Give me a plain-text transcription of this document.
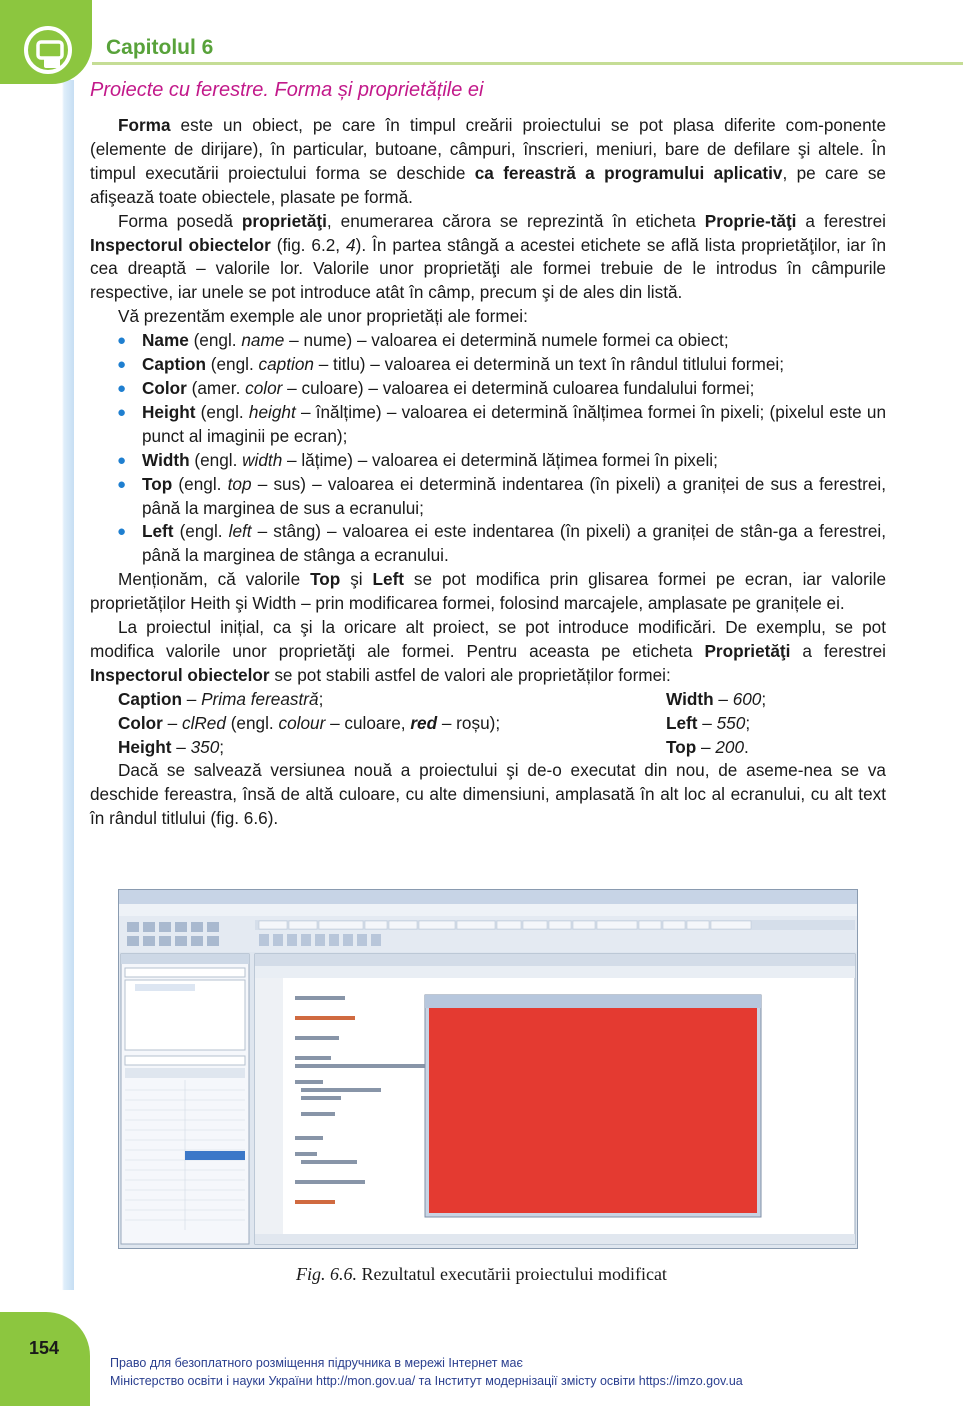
Capitolul 6
Proiecte cu ferestre. Forma și proprietățile ei

Forma este un obiect, pe care în timpul creării proiectului se pot plasa diferite com-ponente (elemente de dirijare), în particular, butoane, câmpuri, înscrieri, meniuri, bare de defilare şi altele. În timpul executării proiectului forma se deschide ca fereastră a programului aplicativ, pe care se afişează toate obiectele, plasate pe formă.

Forma posedă proprietăţi, enumerarea cărora se reprezintă în eticheta Proprie-tăţi a ferestrei Inspectorul obiectelor (fig. 6.2, 4). În partea stângă a acestei etichete se află lista proprietăţilor, iar în cea dreaptă – valorile lor. Valorile unor proprietăţi ale formei trebuie de le introdus în câmpurile respective, iar unele se pot introduce atât în câmp, precum şi de ales din listă.

Vă prezentăm exemple ale unor proprietăți ale formei:

● Name (engl. name – nume) – valoarea ei determină numele formei ca obiect;
● Caption (engl. caption – titlu) – valoarea ei determină un text în rândul titlului formei;
● Color (amer. color – culoare) – valoarea ei determină culoarea fundalului formei;
● Height (engl. height – înălțime) – valoarea ei determină înălțimea formei în pixeli; (pixelul este un punct al imaginii pe ecran);
● Width (engl. width – lățime) – valoarea ei determină lățimea formei în pixeli;
● Top (engl. top – sus) – valoarea ei determină indentarea (în pixeli) a graniței de sus a ferestrei, până la marginea de sus a ecranului;
● Left (engl. left – stâng) – valoarea ei este indentarea (în pixeli) a graniței de stân-ga a ferestrei, până la marginea de stânga a ecranului.

Menționăm, că valorile Top şi Left se pot modifica prin glisarea formei pe ecran, iar valorile proprietăților Heith şi Width – prin modificarea formei, folosind marcajele, amplasate pe granițele ei.

La proiectul inițial, ca şi la oricare alt proiect, se pot introduce modificări. De exemplu, se pot modifica valorile unor proprietăţi ale formei. Pentru aceasta pe eticheta Proprietăţi a ferestrei Inspectorul obiectelor se pot stabili astfel de valori ale proprietăților formei:

Caption – Prima fereastră;	Width – 600;
Color – clRed (engl. colour – culoare, red – roșu);	Left – 550;
Height – 350;	Top – 200.

Dacă se salvează versiunea nouă a proiectului şi de-o executat din nou, de aseme-nea se va deschide fereastra, însă de altă culoare, cu alte dimensiuni, amplasată în alt loc al ecranului, cu alt text în rândul titlului (fig. 6.6).

Fig. 6.6. Rezultatul executării proiectului modificat
154
Право для безоплатного розміщення підручника в мережі Інтернет має
Міністерство освіти і науки України http://mon.gov.ua/ та Інститут модернізації змісту освіти https://imzo.gov.ua
